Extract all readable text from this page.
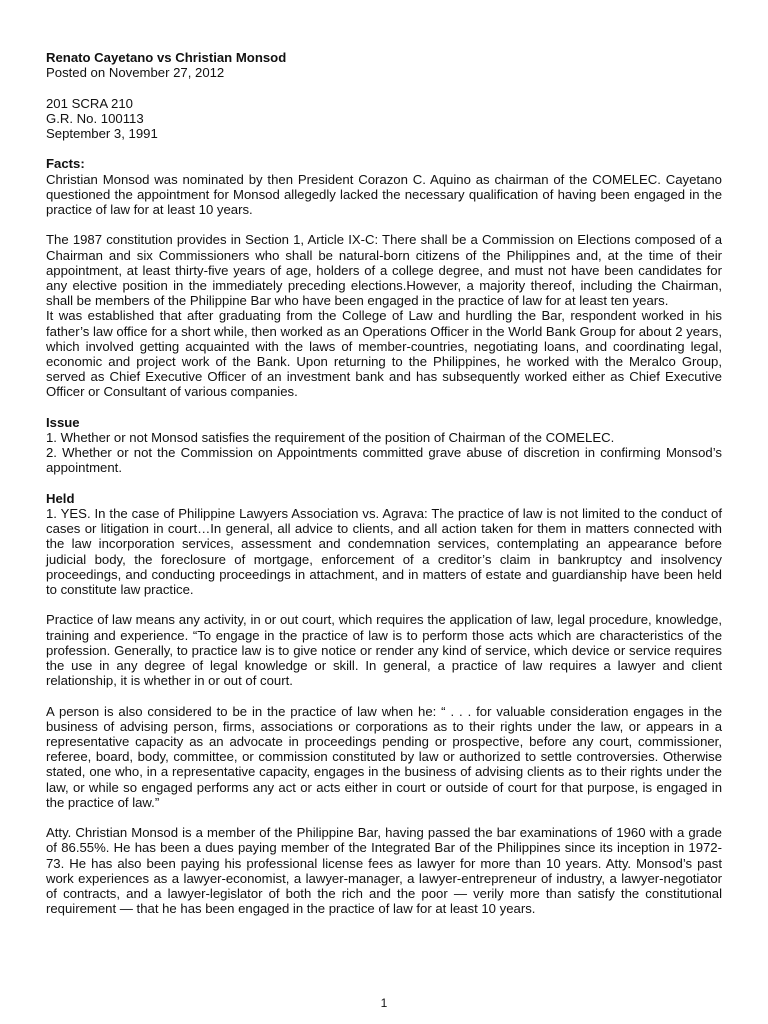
Renato Cayetano vs Christian Monsod

Posted on November 27, 2012

201 SCRA 210

G.R. No. 100113

September 3, 1991

Facts:

Christian Monsod was nominated by then President Corazon C. Aquino as chairman of the COMELEC. Cayetano questioned the appointment for Monsod allegedly lacked the necessary qualification of having been engaged in the practice of law for at least 10 years.

The 1987 constitution provides in Section 1, Article IX-C: There shall be a Commission on Elections composed of a Chairman and six Commissioners who shall be natural-born citizens of the Philippines and, at the time of their appointment, at least thirty-five years of age, holders of a college degree, and must not have been candidates for any elective position in the immediately preceding elections.However, a majority thereof, including the Chairman, shall be members of the Philippine Bar who have been engaged in the practice of law for at least ten years.

It was established that after graduating from the College of Law and hurdling the Bar, respondent worked in his father’s law office for a short while, then worked as an Operations Officer in the World Bank Group for about 2 years, which involved getting acquainted with the laws of member-countries, negotiating loans, and coordinating legal, economic and project work of the Bank. Upon returning to the Philippines, he worked with the Meralco Group, served as Chief Executive Officer of an investment bank and has subsequently worked either as Chief Executive Officer or Consultant of various companies.

Issue

1. Whether or not Monsod satisfies the requirement of the position of Chairman of the COMELEC.

2. Whether or not the Commission on Appointments committed grave abuse of discretion in confirming Monsod’s appointment.

Held

1. YES. In the case of Philippine Lawyers Association vs. Agrava: The practice of law is not limited to the conduct of cases or litigation in court…In general, all advice to clients, and all action taken for them in matters connected with the law incorporation services, assessment and condemnation services, contemplating an appearance before judicial body, the foreclosure of mortgage, enforcement of a creditor’s claim in bankruptcy and insolvency proceedings, and conducting proceedings in attachment, and in matters of estate and guardianship have been held to constitute law practice.

Practice of law means any activity, in or out court, which requires the application of law, legal procedure, knowledge, training and experience. “To engage in the practice of law is to perform those acts which are characteristics of the profession. Generally, to practice law is to give notice or render any kind of service, which device or service requires the use in any degree of legal knowledge or skill. In general, a practice of law requires a lawyer and client relationship, it is whether in or out of court.

A person is also considered to be in the practice of law when he: “ . . . for valuable consideration engages in the business of advising person, firms, associations or corporations as to their rights under the law, or appears in a representative capacity as an advocate in proceedings pending or prospective, before any court, commissioner, referee, board, body, committee, or commission constituted by law or authorized to settle controversies. Otherwise stated, one who, in a representative capacity, engages in the business of advising clients as to their rights under the law, or while so engaged performs any act or acts either in court or outside of court for that purpose, is engaged in the practice of law.”

Atty. Christian Monsod is a member of the Philippine Bar, having passed the bar examinations of 1960 with a grade of 86.55%. He has been a dues paying member of the Integrated Bar of the Philippines since its inception in 1972-73. He has also been paying his professional license fees as lawyer for more than 10 years. Atty. Monsod’s past work experiences as a lawyer-economist, a lawyer-manager, a lawyer-entrepreneur of industry, a lawyer-negotiator of contracts, and a lawyer-legislator of both the rich and the poor — verily more than satisfy the constitutional requirement — that he has been engaged in the practice of law for at least 10 years.

1
